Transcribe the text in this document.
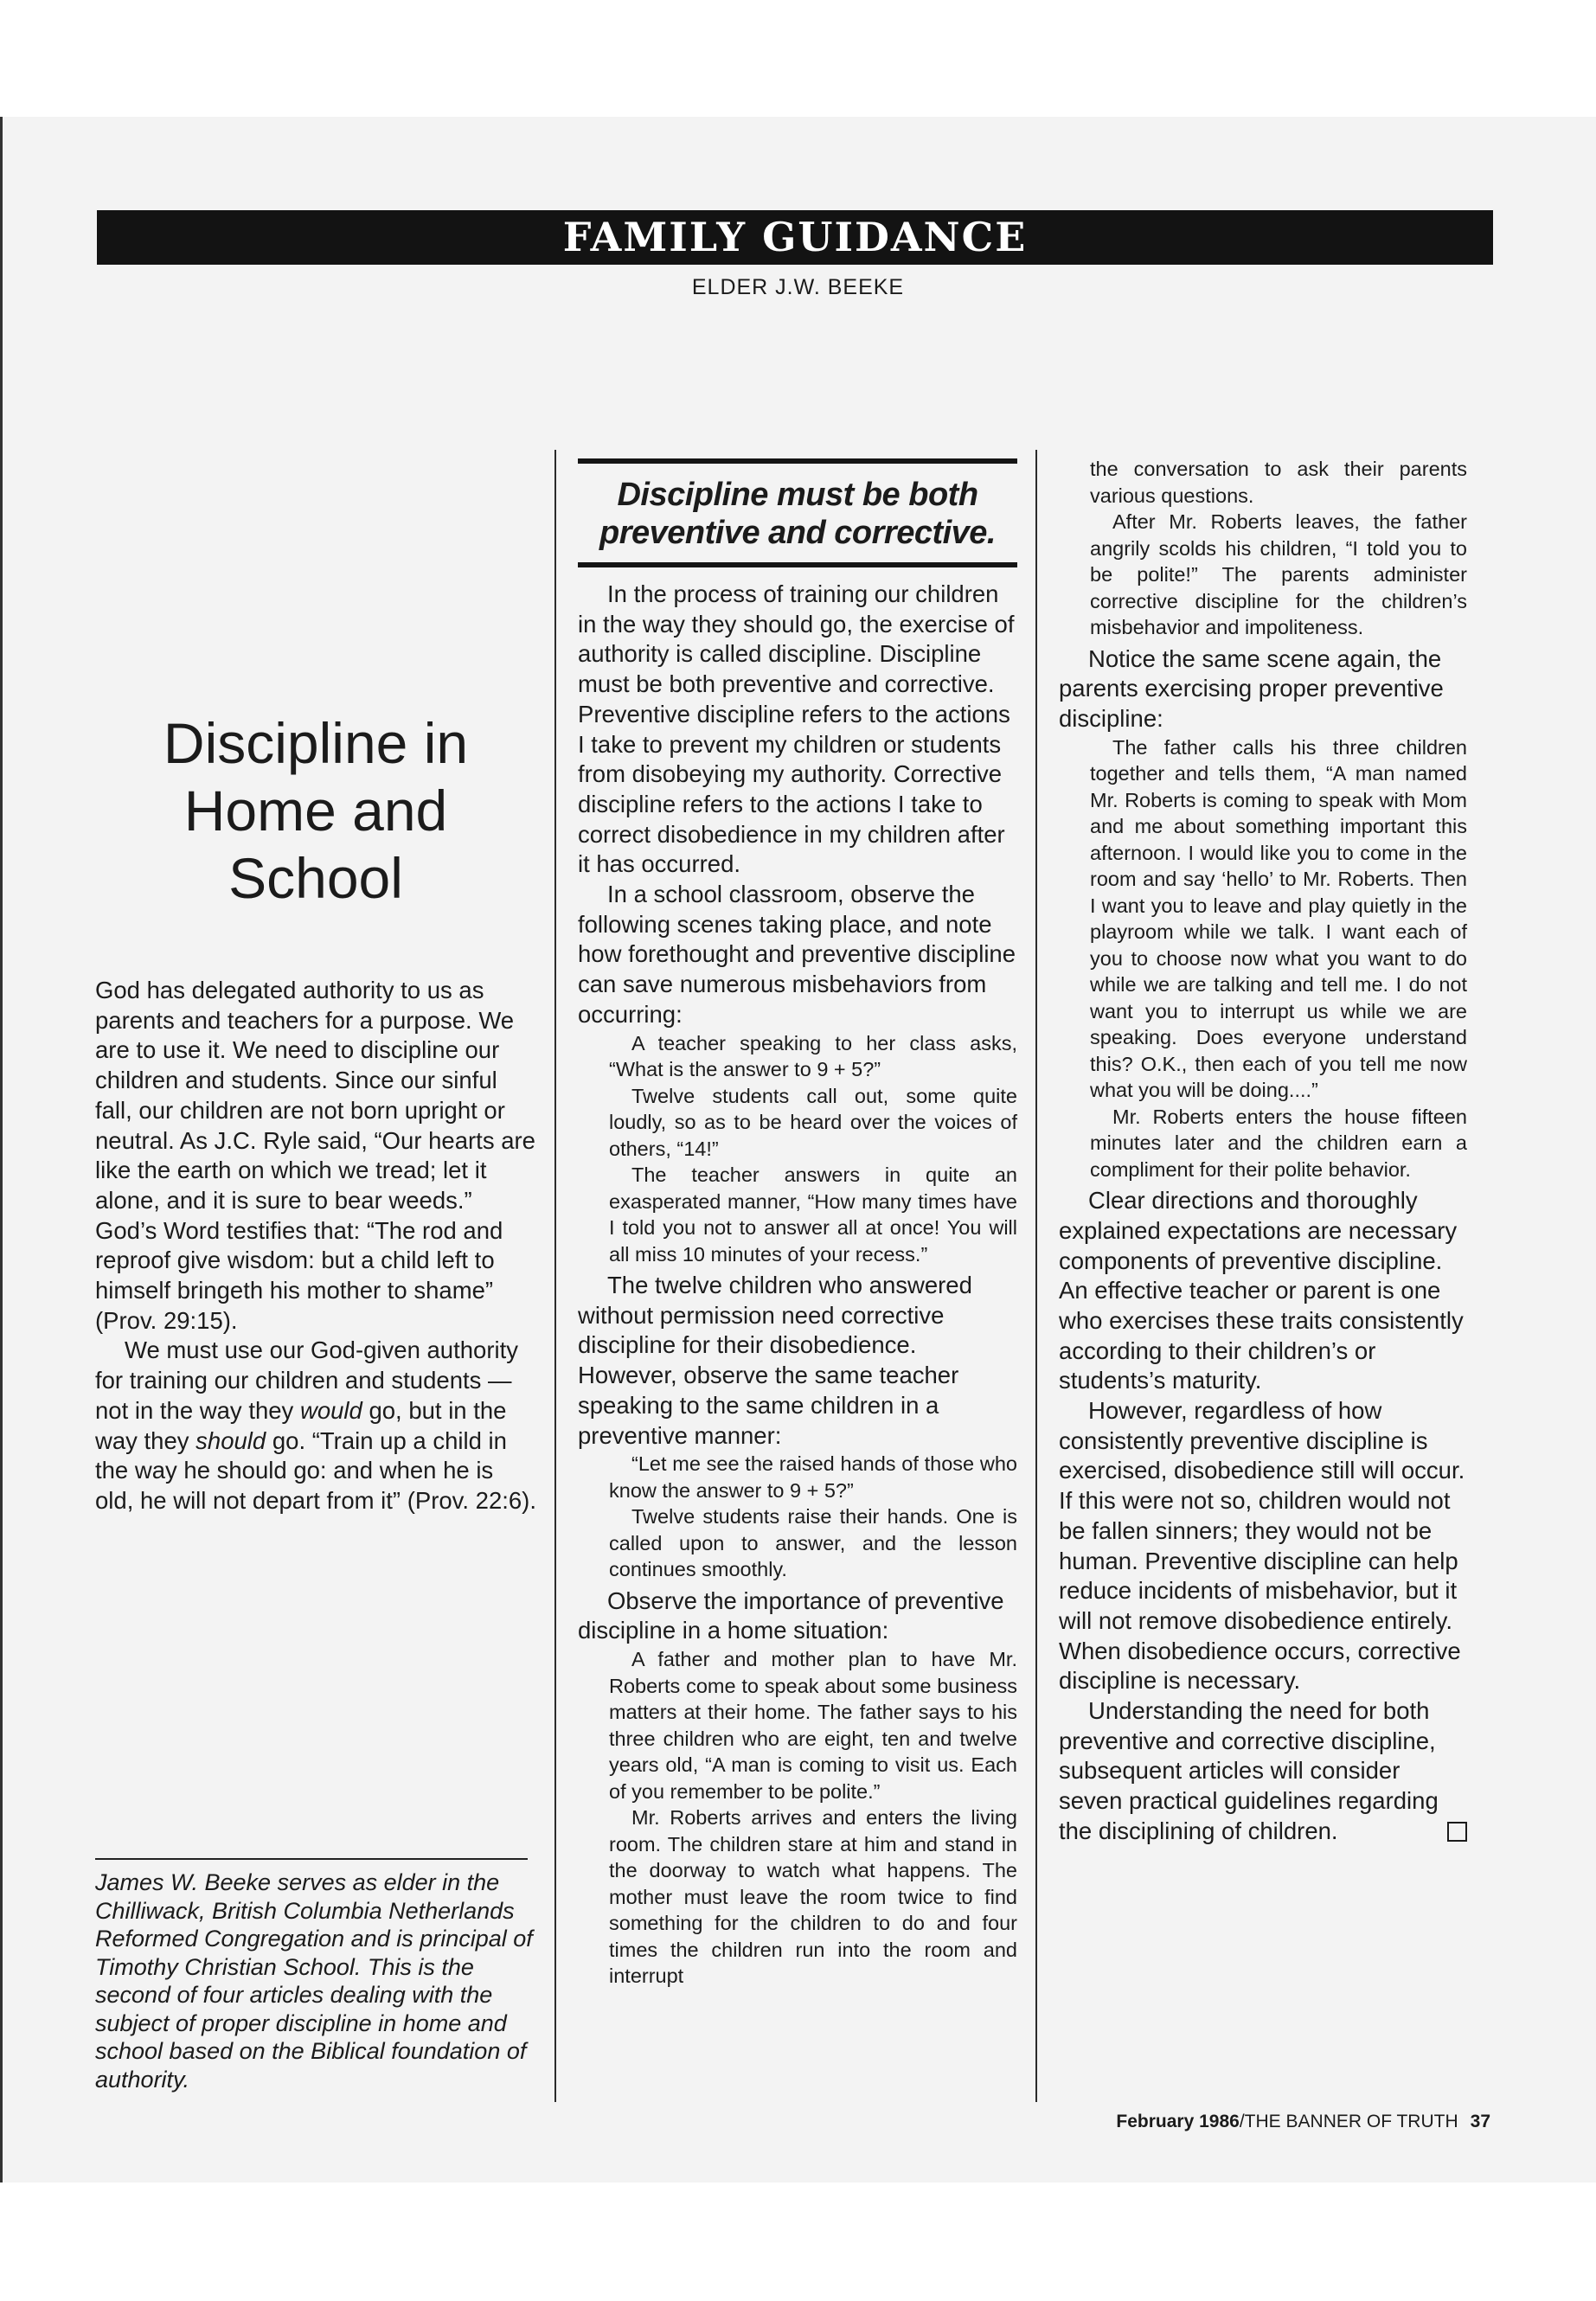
FAMILY GUIDANCE
ELDER J.W. BEEKE
Discipline in
Home and
School

God has delegated authority to us as parents and teachers for a purpose. We are to use it. We need to discipline our children and students. Since our sinful fall, our children are not born upright or neutral. As J.C. Ryle said, “Our hearts are like the earth on which we tread; let it alone, and it is sure to bear weeds.” God’s Word testifies that: “The rod and reproof give wisdom: but a child left to himself bringeth his mother to shame” (Prov. 29:15).

We must use our God-given authority for training our children and students — not in the way they would go, but in the way they should go. “Train up a child in the way he should go: and when he is old, he will not depart from it” (Prov. 22:6).

James W. Beeke serves as elder in the Chilliwack, British Columbia Netherlands Reformed Congregation and is principal of Timothy Christian School. This is the second of four articles dealing with the subject of proper discipline in home and school based on the Biblical foundation of authority.

Discipline must be both preventive and corrective.

In the process of training our children in the way they should go, the exercise of authority is called discipline. Discipline must be both preventive and corrective. Preventive discipline refers to the actions I take to prevent my children or students from disobeying my authority. Corrective discipline refers to the actions I take to correct disobedience in my children after it has occurred.

In a school classroom, observe the following scenes taking place, and note how forethought and preventive discipline can save numerous misbehaviors from occurring:

A teacher speaking to her class asks, “What is the answer to 9 + 5?”

Twelve students call out, some quite loudly, so as to be heard over the voices of others, “14!”

The teacher answers in quite an exasperated manner, “How many times have I told you not to answer all at once! You will all miss 10 minutes of your recess.”

The twelve children who answered without permission need corrective discipline for their disobedience. However, observe the same teacher speaking to the same children in a preventive manner:

“Let me see the raised hands of those who know the answer to 9 + 5?”

Twelve students raise their hands. One is called upon to answer, and the lesson continues smoothly.

Observe the importance of preventive discipline in a home situation:

A father and mother plan to have Mr. Roberts come to speak about some business matters at their home. The father says to his three children who are eight, ten and twelve years old, “A man is coming to visit us. Each of you remember to be polite.”

Mr. Roberts arrives and enters the living room. The children stare at him and stand in the doorway to watch what happens. The mother must leave the room twice to find something for the children to do and four times the children run into the room and interrupt

the conversation to ask their parents various questions.

After Mr. Roberts leaves, the father angrily scolds his children, “I told you to be polite!” The parents administer corrective discipline for the children’s misbehavior and impoliteness.

Notice the same scene again, the parents exercising proper preventive discipline:

The father calls his three children together and tells them, “A man named Mr. Roberts is coming to speak with Mom and me about something important this afternoon. I would like you to come in the room and say ‘hello’ to Mr. Roberts. Then I want you to leave and play quietly in the playroom while we talk. I want each of you to choose now what you want to do while we are talking and tell me. I do not want you to interrupt us while we are speaking. Does everyone understand this? O.K., then each of you tell me now what you will be doing....”

Mr. Roberts enters the house fifteen minutes later and the children earn a compliment for their polite behavior.

Clear directions and thoroughly explained expectations are necessary components of preventive discipline. An effective teacher or parent is one who exercises these traits consistently according to their children’s or students’s maturity.

However, regardless of how consistently preventive discipline is exercised, disobedience still will occur. If this were not so, children would not be fallen sinners; they would not be human. Preventive discipline can help reduce incidents of misbehavior, but it will not remove disobedience entirely. When disobedience occurs, corrective discipline is necessary.

Understanding the need for both preventive and corrective discipline, subsequent articles will consider seven practical guidelines regarding the disciplining of children.

February 1986/THE BANNER OF TRUTH 37
